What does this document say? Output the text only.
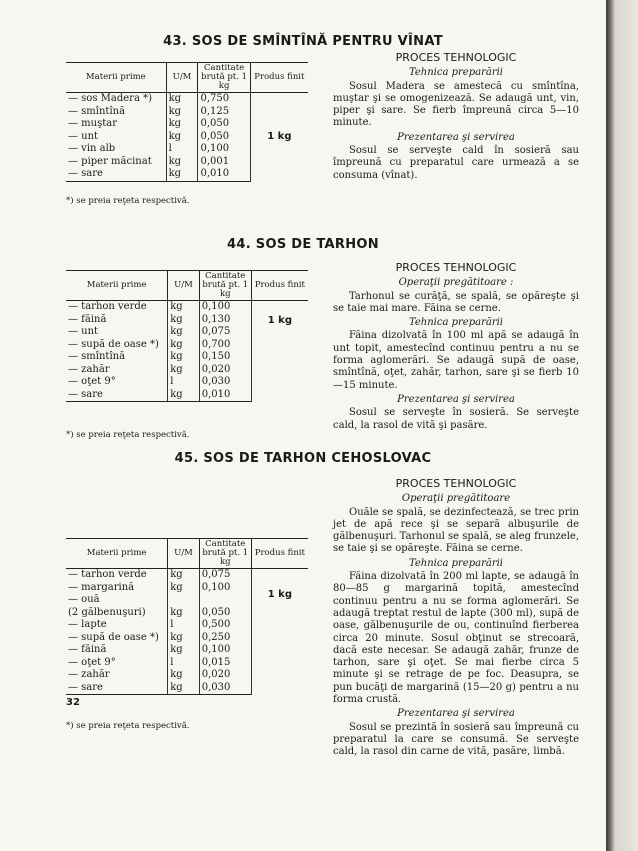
43. SOS DE SMÎNTÎNĂ PENTRU VÎNAT
Materii prime	U/M	Cantitate brută pt. 1 kg	Produs finit
— sos Madera *)	kg	0,750	1 kg
— smîntînă	kg	0,125	
— muştar	kg	0,050	
— unt	kg	0,050	
— vin alb	l	0,100	
— piper măcinat	kg	0,001	
— sare	kg	0,010	
*) se preia reţeta respectivă.
PROCES TEHNOLOGIC
Tehnica preparării

Sosul Madera se amestecă cu smîntîna, muştar şi se omogenizează. Se adaugă unt, vin, piper şi sare. Se fierb împreună circa 5—10 minute.

Prezentarea şi servirea

Sosul se serveşte cald în sosieră sau împreună cu preparatul care urmează a se consuma (vînat).

44. SOS DE TARHON
Materii prime	U/M	Cantitate brută pt. 1 kg	Produs finit
— tarhon verde	kg	0,100	1 kg
— făină	kg	0,130	
— unt	kg	0,075	
— supă de oase *)	kg	0,700	
— smîntînă	kg	0,150	
— zahăr	kg	0,020	
— oţet 9°	l	0,030	
— sare	kg	0,010	
*) se preia reţeta respectivă.
PROCES TEHNOLOGIC
Operaţii pregătitoare :

Tarhonul se curăţă, se spală, se opăreşte şi se taie mai mare. Făina se cerne.

Tehnica preparării

Făina dizolvată în 100 ml apă se adaugă în unt topit, amestecînd continuu pentru a nu se forma aglomerări. Se adaugă supă de oase, smîntînă, oţet, zahăr, tarhon, sare şi se fierb 10—15 minute.

Prezentarea şi servirea

Sosul se serveşte în sosieră. Se serveşte cald, la rasol de vită şi pasăre.

45. SOS DE TARHON CEHOSLOVAC
Materii prime	U/M	Cantitate brută pt. 1 kg	Produs finit
— tarhon verde	kg	0,075	1 kg
— margarină	kg	0,100	
— ouă			
(2 gălbenuşuri)	kg	0,050	
— lapte	l	0,500	
— supă de oase *)	kg	0,250	
— făină	kg	0,100	
— oţet 9°	l	0,015	
— zahăr	kg	0,020	
— sare	kg	0,030	
*) se preia reţeta respectivă.
PROCES TEHNOLOGIC
Operaţii pregătitoare

Ouăle se spală, se dezinfectează, se trec prin jet de apă rece şi se separă albuşurile de gălbenuşuri. Tarhonul se spală, se aleg frunzele, se taie şi se opăreşte. Făina se cerne.

Tehnica preparării

Făina dizolvată în 200 ml lapte, se adaugă în 80—85 g margarină topită, amestecînd continuu pentru a nu se forma aglomerări. Se adaugă treptat restul de lapte (300 ml), supă de oase, gălbenuşurile de ou, continuînd fierberea circa 20 minute. Sosul obţinut se strecoară, dacă este necesar. Se adaugă zahăr, frunze de tarhon, sare şi oţet. Se mai fierbe circa 5 minute şi se retrage de pe foc. Deasupra, se pun bucăţi de margarină (15—20 g) pentru a nu forma crustă.

Prezentarea şi servirea

Sosul se prezintă în sosieră sau împreună cu preparatul la care se consumă. Se serveşte cald, la rasol din carne de vită, pasăre, limbă.

32
